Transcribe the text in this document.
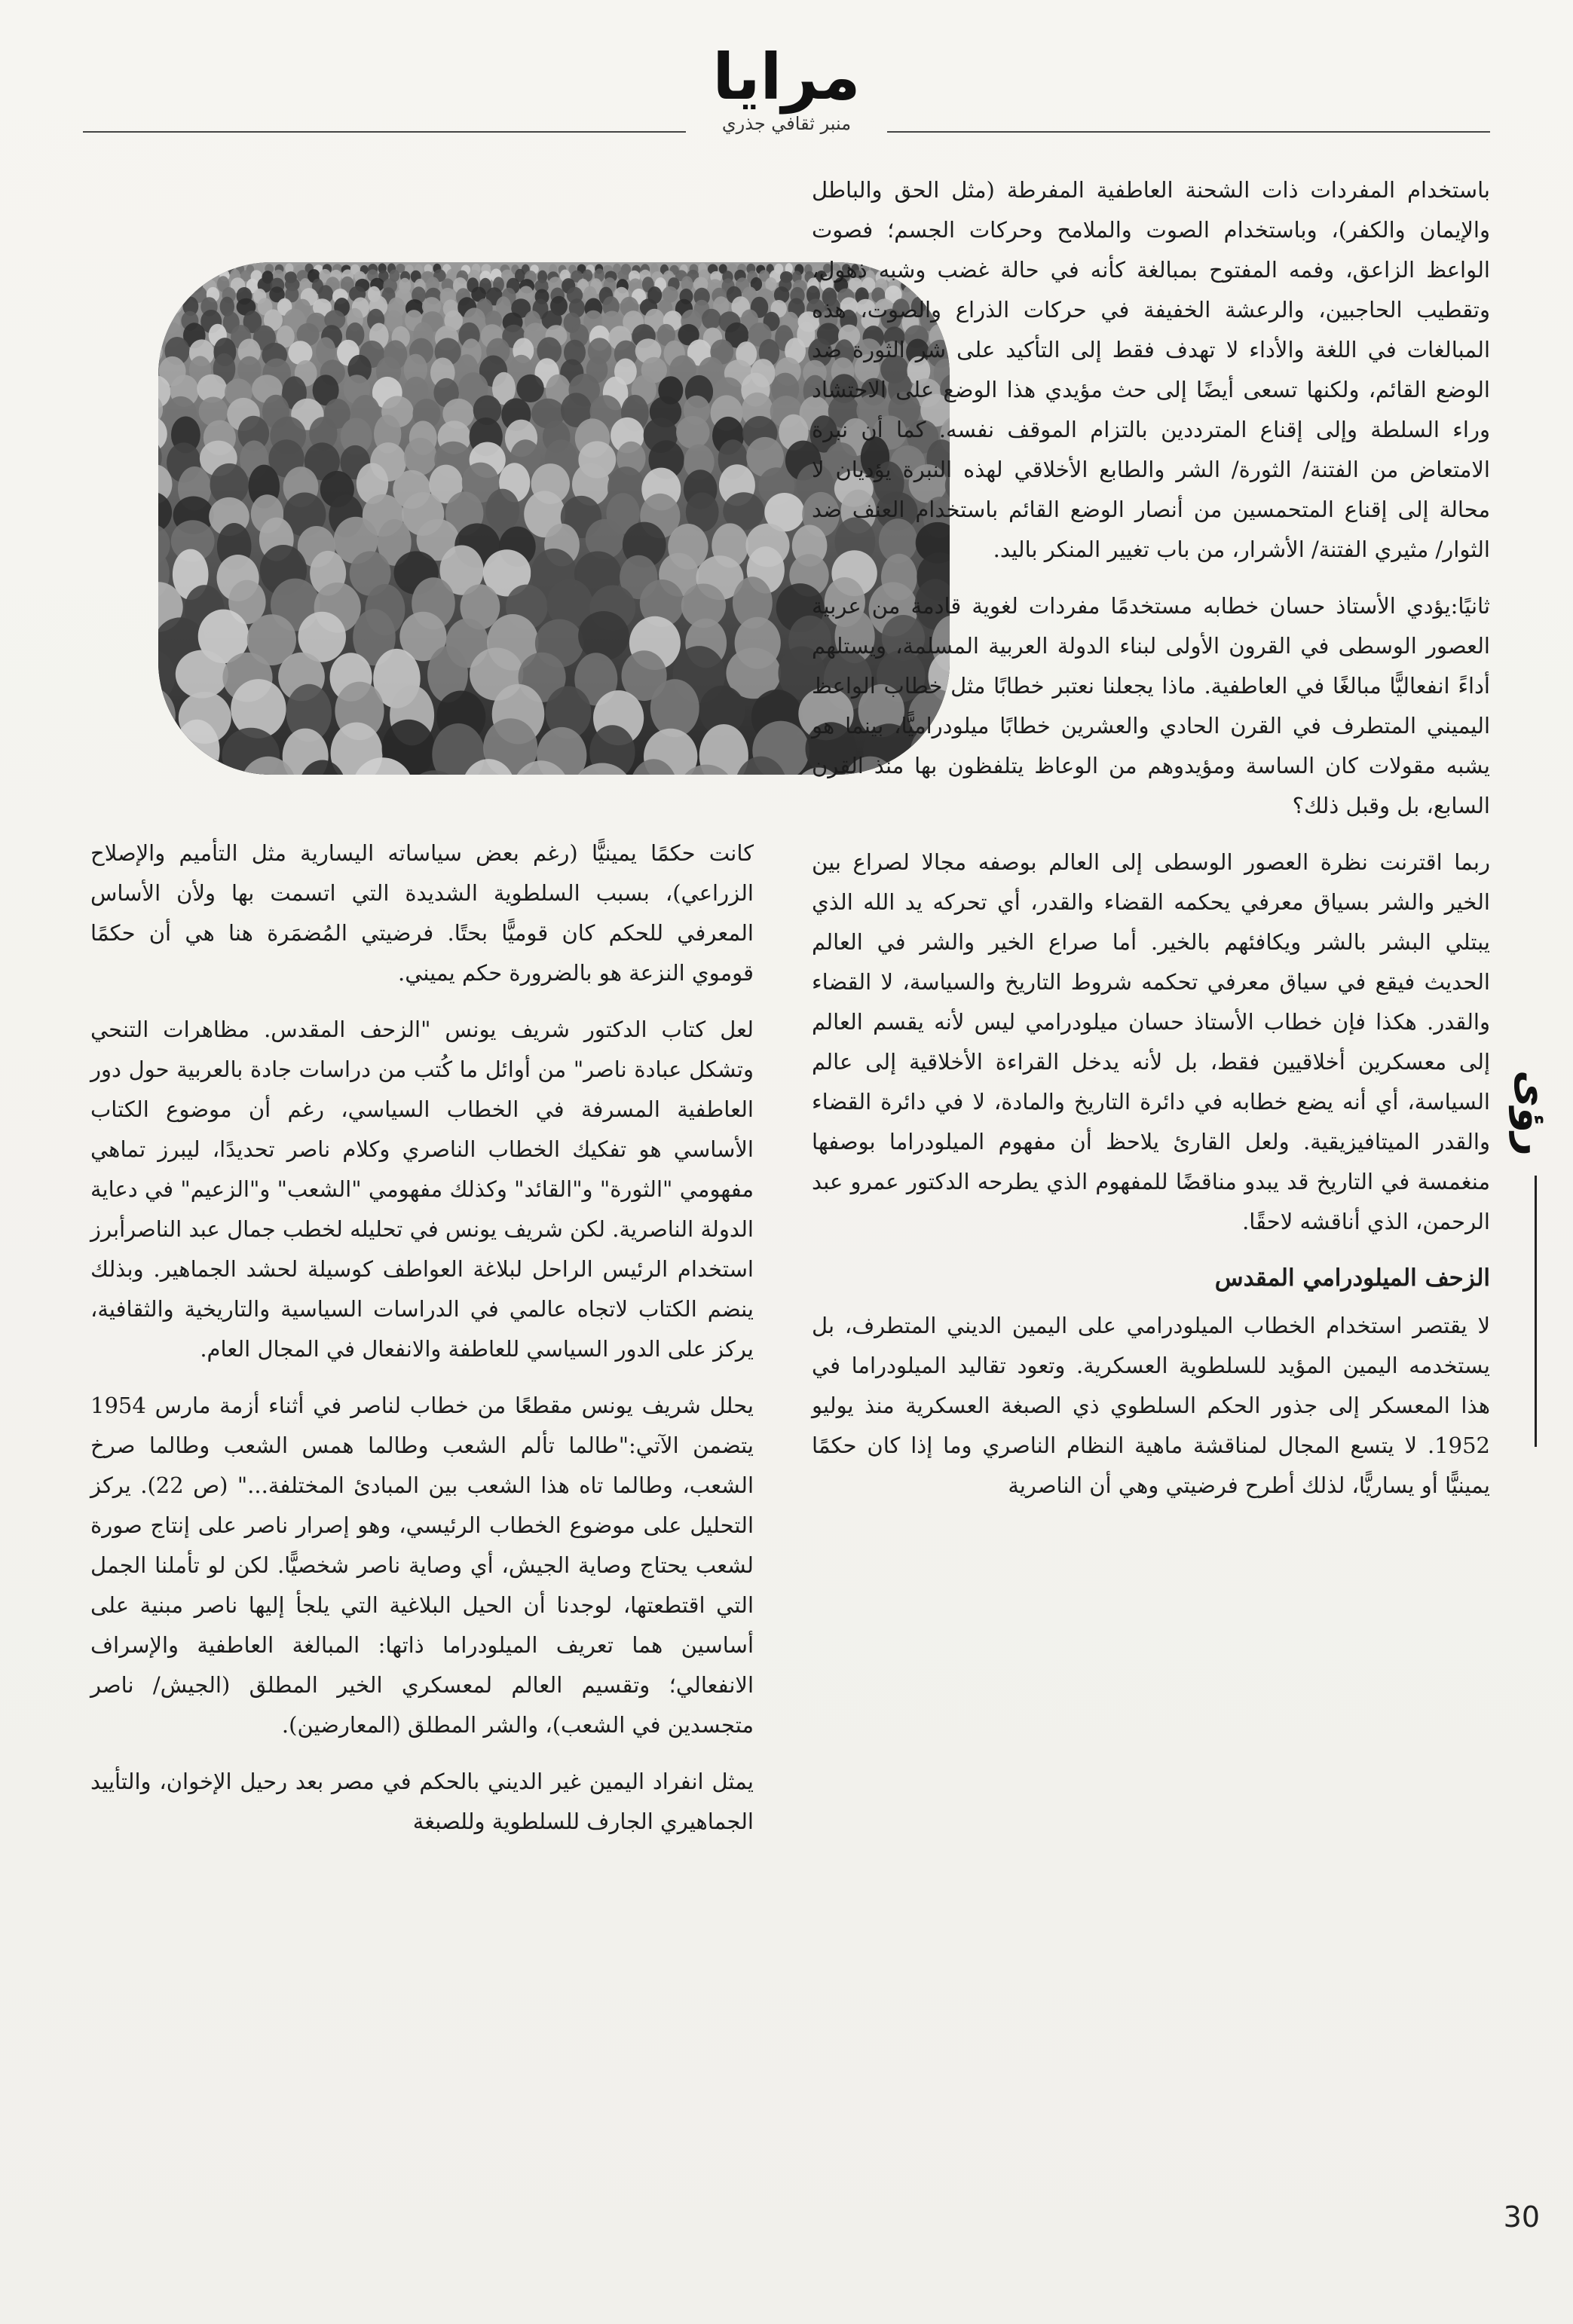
مرايا
منبر ثقافي جذري
رؤى

باستخدام المفردات ذات الشحنة العاطفية المفرطة (مثل الحق والباطل والإيمان والكفر)، وباستخدام الصوت والملامح وحركات الجسم؛ فصوت الواعظ الزاعق، وفمه المفتوح بمبالغة كأنه في حالة غضب وشبه ذهول، وتقطيب الحاجبين، والرعشة الخفيفة في حركات الذراع والصوت، هذه المبالغات في اللغة والأداء لا تهدف فقط إلى التأكيد على شر الثورة ضد الوضع القائم، ولكنها تسعى أيضًا إلى حث مؤيدي هذا الوضع على الاحتشاد وراء السلطة وإلى إقناع المترددين بالتزام الموقف نفسه. كما أن نبرة الامتعاض من الفتنة/ الثورة/ الشر والطابع الأخلاقي لهذه النبرة يؤديان لا محالة إلى إقناع المتحمسين من أنصار الوضع القائم باستخدام العنف ضد الثوار/ مثيري الفتنة/ الأشرار، من باب تغيير المنكر باليد.

ثانيًا:يؤدي الأستاذ حسان خطابه مستخدمًا مفردات لغوية قادمة من عربية العصور الوسطى في القرون الأولى لبناء الدولة العربية المسلمة، ويستلهم أداءً انفعاليًّا مبالغًا في العاطفية. ماذا يجعلنا نعتبر خطابًا مثل خطاب الواعظ اليميني المتطرف في القرن الحادي والعشرين خطابًا ميلودراميًّا، بينما هو يشبه مقولات كان الساسة ومؤيدوهم من الوعاظ يتلفظون بها منذ القرن السابع، بل وقبل ذلك؟

ربما اقترنت نظرة العصور الوسطى إلى العالم بوصفه مجالا لصراع بين الخير والشر بسياق معرفي يحكمه القضاء والقدر، أي تحركه يد الله الذي يبتلي البشر بالشر ويكافئهم بالخير. أما صراع الخير والشر في العالم الحديث فيقع في سياق معرفي تحكمه شروط التاريخ والسياسة، لا القضاء والقدر. هكذا فإن خطاب الأستاذ حسان ميلودرامي ليس لأنه يقسم العالم إلى معسكرين أخلاقيين فقط، بل لأنه يدخل القراءة الأخلاقية إلى عالم السياسة، أي أنه يضع خطابه في دائرة التاريخ والمادة، لا في دائرة القضاء والقدر الميتافيزيقية. ولعل القارئ يلاحظ أن مفهوم الميلودراما بوصفها منغمسة في التاريخ قد يبدو مناقضًا للمفهوم الذي يطرحه الدكتور عمرو عبد الرحمن، الذي أناقشه لاحقًا.

الزحف الميلودرامي المقدس

لا يقتصر استخدام الخطاب الميلودرامي على اليمين الديني المتطرف، بل يستخدمه اليمين المؤيد للسلطوية العسكرية. وتعود تقاليد الميلودراما في هذا المعسكر إلى جذور الحكم السلطوي ذي الصبغة العسكرية منذ يوليو 1952. لا يتسع المجال لمناقشة ماهية النظام الناصري وما إذا كان حكمًا يمينيًّا أو يساريًّا، لذلك أطرح فرضيتي وهي أن الناصرية

كانت حكمًا يمينيًّا (رغم بعض سياساته اليسارية مثل التأميم والإصلاح الزراعي)، بسبب السلطوية الشديدة التي اتسمت بها ولأن الأساس المعرفي للحكم كان قوميًّا بحتًا. فرضيتي المُضمَرة هنا هي أن حكمًا قوموي النزعة هو بالضرورة حكم يميني.

لعل كتاب الدكتور شريف يونس "الزحف المقدس. مظاهرات التنحي وتشكل عبادة ناصر" من أوائل ما كُتب من دراسات جادة بالعربية حول دور العاطفية المسرفة في الخطاب السياسي، رغم أن موضوع الكتاب الأساسي هو تفكيك الخطاب الناصري وكلام ناصر تحديدًا، ليبرز تماهي مفهومي "الثورة" و"القائد" وكذلك مفهومي "الشعب" و"الزعيم" في دعاية الدولة الناصرية. لكن شريف يونس في تحليله لخطب جمال عبد الناصرأبرز استخدام الرئيس الراحل لبلاغة العواطف كوسيلة لحشد الجماهير. وبذلك ينضم الكتاب لاتجاه عالمي في الدراسات السياسية والتاريخية والثقافية، يركز على الدور السياسي للعاطفة والانفعال في المجال العام.

يحلل شريف يونس مقطعًا من خطاب لناصر في أثناء أزمة مارس 1954 يتضمن الآتي:"طالما تألم الشعب وطالما همس الشعب وطالما صرخ الشعب، وطالما تاه هذا الشعب بين المبادئ المختلفة..." (ص 22). يركز التحليل على موضوع الخطاب الرئيسي، وهو إصرار ناصر على إنتاج صورة لشعب يحتاج وصاية الجيش، أي وصاية ناصر شخصيًّا. لكن لو تأملنا الجمل التي اقتطعتها، لوجدنا أن الحيل البلاغية التي يلجأ إليها ناصر مبنية على أساسين هما تعريف الميلودراما ذاتها: المبالغة العاطفية والإسراف الانفعالي؛ وتقسيم العالم لمعسكري الخير المطلق (الجيش/ ناصر متجسدين في الشعب)، والشر المطلق (المعارضين).

يمثل انفراد اليمين غير الديني بالحكم في مصر بعد رحيل الإخوان، والتأييد الجماهيري الجارف للسلطوية وللصبغة

30
